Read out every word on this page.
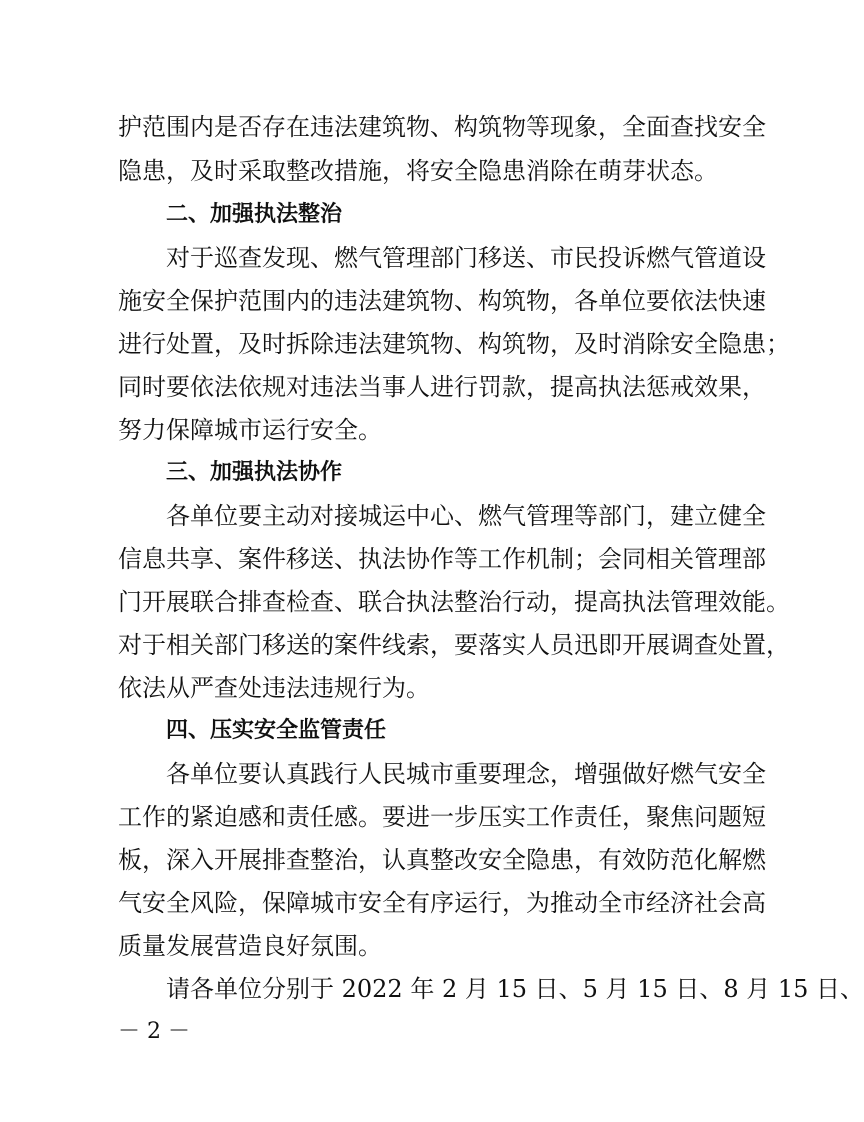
护范围内是否存在违法建筑物、构筑物等现象，全面查找安全
隐患，及时采取整改措施，将安全隐患消除在萌芽状态。
二、加强执法整治
对于巡查发现、燃气管理部门移送、市民投诉燃气管道设
施安全保护范围内的违法建筑物、构筑物，各单位要依法快速
进行处置，及时拆除违法建筑物、构筑物，及时消除安全隐患；
同时要依法依规对违法当事人进行罚款，提高执法惩戒效果，
努力保障城市运行安全。
三、加强执法协作
各单位要主动对接城运中心、燃气管理等部门，建立健全
信息共享、案件移送、执法协作等工作机制；会同相关管理部
门开展联合排查检查、联合执法整治行动，提高执法管理效能。
对于相关部门移送的案件线索，要落实人员迅即开展调查处置，
依法从严查处违法违规行为。
四、压实安全监管责任
各单位要认真践行人民城市重要理念，增强做好燃气安全
工作的紧迫感和责任感。要进一步压实工作责任，聚焦问题短
板，深入开展排查整治，认真整改安全隐患，有效防范化解燃
气安全风险，保障城市安全有序运行，为推动全市经济社会高
质量发展营造良好氛围。
请各单位分别于 2022 年 2 月 15 日、5 月 15 日、8 月 15 日、
－ 2 －
